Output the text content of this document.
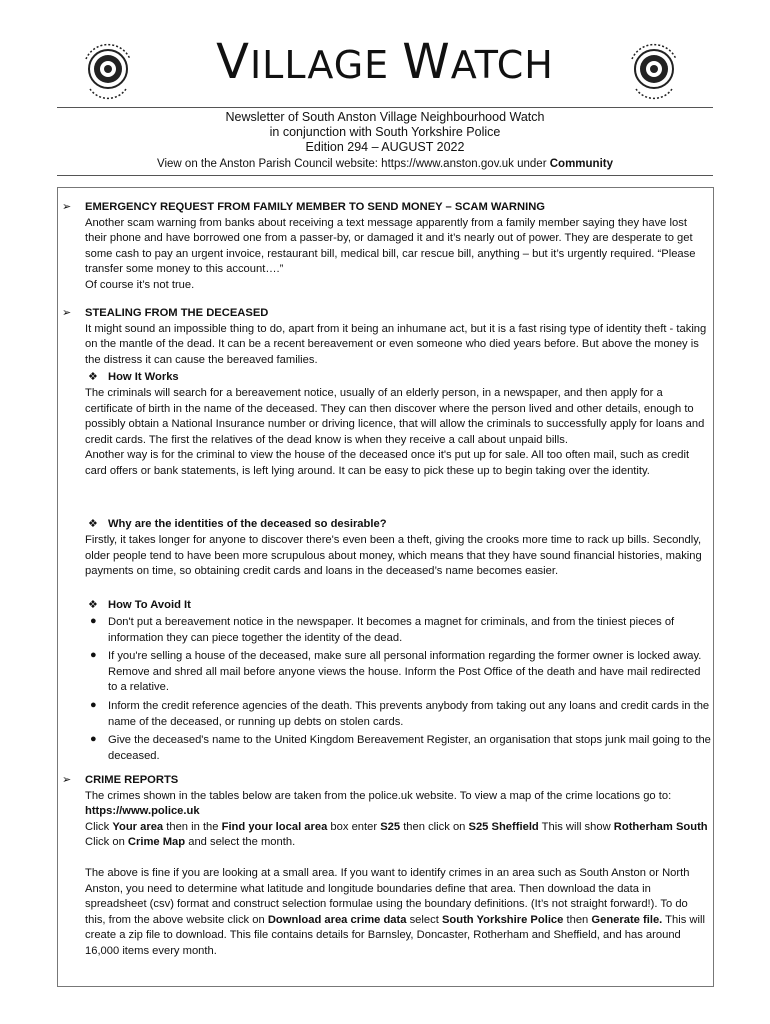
VILLAGE WATCH
Newsletter of South Anston Village Neighbourhood Watch
in conjunction with South Yorkshire Police
Edition 294 – AUGUST 2022
View on the Anston Parish Council website: https://www.anston.gov.uk under Community
➢ EMERGENCY REQUEST FROM FAMILY MEMBER TO SEND MONEY – SCAM WARNING

Another scam warning from banks about receiving a text message apparently from a family member saying they have lost their phone and have borrowed one from a passer-by, or damaged it and it’s nearly out of power. They are desperate to get some cash to pay an urgent invoice, restaurant bill, medical bill, car rescue bill, anything – but it’s urgently required. “Please transfer some money to this account….”

Of course it’s not true.

➢ STEALING FROM THE DECEASED

It might sound an impossible thing to do, apart from it being an inhumane act, but it is a fast rising type of identity theft - taking on the mantle of the dead. It can be a recent bereavement or even someone who died years before. But above the money is the distress it can cause the bereaved families.

❖ How It Works

The criminals will search for a bereavement notice, usually of an elderly person, in a newspaper, and then apply for a certificate of birth in the name of the deceased. They can then discover where the person lived and other details, enough to possibly obtain a National Insurance number or driving licence, that will allow the criminals to successfully apply for loans and credit cards. The first the relatives of the dead know is when they receive a call about unpaid bills.

Another way is for the criminal to view the house of the deceased once it's put up for sale. All too often mail, such as credit card offers or bank statements, is left lying around. It can be easy to pick these up to begin taking over the identity.

❖ Why are the identities of the deceased so desirable?
Firstly, it takes longer for anyone to discover there's even been a theft, giving the crooks more time to rack up bills. Secondly, older people tend to have been more scrupulous about money, which means that they have sound financial histories, making payments on time, so obtaining credit cards and loans in the deceased’s name becomes easier.
❖ How To Avoid It
● Don't put a bereavement notice in the newspaper. It becomes a magnet for criminals, and from the tiniest pieces of information they can piece together the identity of the dead.
● If you're selling a house of the deceased, make sure all personal information regarding the former owner is locked away. Remove and shred all mail before anyone views the house. Inform the Post Office of the death and have mail redirected to a relative.
● Inform the credit reference agencies of the death. This prevents anybody from taking out any loans and credit cards in the name of the deceased, or running up debts on stolen cards.
● Give the deceased's name to the United Kingdom Bereavement Register, an organisation that stops junk mail going to the deceased.
➢ CRIME REPORTS

The crimes shown in the tables below are taken from the police.uk website. To view a map of the crime locations go to: https://www.police.uk

Click Your area then in the Find your local area box enter S25 then click on S25 Sheffield This will show Rotherham South Click on Crime Map and select the month.

The above is fine if you are looking at a small area. If you want to identify crimes in an area such as South Anston or North Anston, you need to determine what latitude and longitude boundaries define that area. Then download the data in spreadsheet (csv) format and construct selection formulae using the boundary definitions. (It’s not straight forward!). To do this, from the above website click on Download area crime data select South Yorkshire Police then Generate file. This will create a zip file to download. This file contains details for Barnsley, Doncaster, Rotherham and Sheffield, and has around 16,000 items every month.
